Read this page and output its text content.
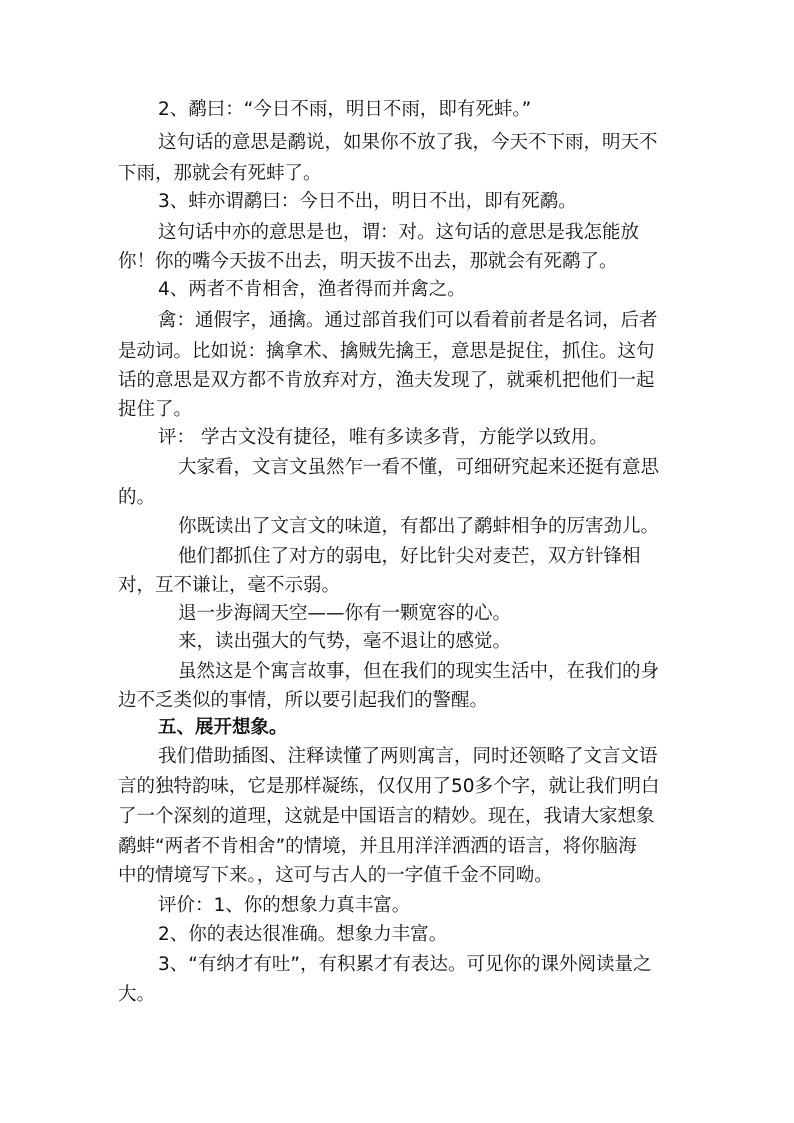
2、鹬曰：“今日不雨，明日不雨，即有死蚌。”

这句话的意思是鹬说，如果你不放了我，今天不下雨，明天不

下雨，那就会有死蚌了。

3、蚌亦谓鹬曰：今日不出，明日不出，即有死鹬。

这句话中亦的意思是也，谓：对。这句话的意思是我怎能放

你！你的嘴今天拔不出去，明天拔不出去，那就会有死鹬了。

4、两者不肯相舍，渔者得而并禽之。

禽：通假字，通擒。通过部首我们可以看着前者是名词，后者

是动词。比如说：擒拿术、擒贼先擒王，意思是捉住，抓住。这句

话的意思是双方都不肯放弃对方，渔夫发现了，就乘机把他们一起

捉住了。

评： 学古文没有捷径，唯有多读多背，方能学以致用。

大家看，文言文虽然乍一看不懂，可细研究起来还挺有意思

的。

你既读出了文言文的味道，有都出了鹬蚌相争的厉害劲儿。

他们都抓住了对方的弱电，好比针尖对麦芒，双方针锋相

对，互不谦让，毫不示弱。

退一步海阔天空——你有一颗宽容的心。

来，读出强大的气势，毫不退让的感觉。

虽然这是个寓言故事，但在我们的现实生活中，在我们的身

边不乏类似的事情，所以要引起我们的警醒。

五、展开想象。

我们借助插图、注释读懂了两则寓言，同时还领略了文言文语

言的独特韵味，它是那样凝练，仅仅用了50多个字，就让我们明白

了一个深刻的道理，这就是中国语言的精妙。现在，我请大家想象

鹬蚌“两者不肯相舍”的情境，并且用洋洋洒洒的语言，将你脑海

中的情境写下来。，这可与古人的一字值千金不同呦。

评价：1、你的想象力真丰富。

2、你的表达很准确。想象力丰富。

3、“有纳才有吐”，有积累才有表达。可见你的课外阅读量之

大。
